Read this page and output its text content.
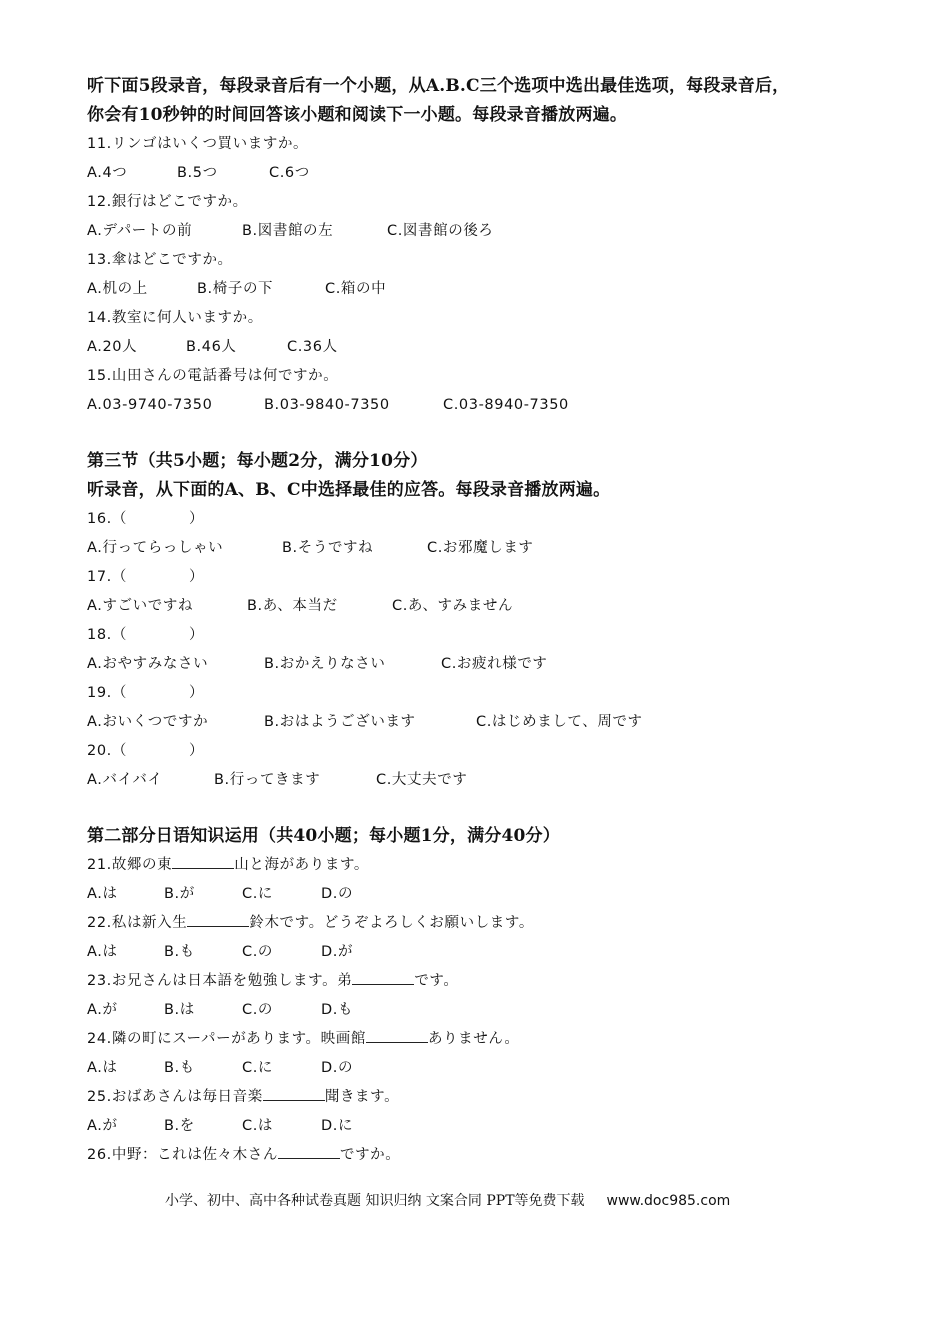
听下面5段录音，每段录音后有一个小题，从A.B.C三个选项中选出最佳选项，每段录音后，

你会有10秒钟的时间回答该小题和阅读下一小题。每段录音播放两遍。

11.リンゴはいくつ買いますか。
A.4つ	B.5つ	C.6つ
12.銀行はどこですか。
A.デパートの前	B.図書館の左	C.図書館の後ろ
13.傘はどこですか。
A.机の上	B.椅子の下	C.箱の中
14.教室に何人いますか。
A.20人	B.46人	C.36人
15.山田さんの電話番号は何ですか。
A.03-9740-7350	B.03-9840-7350	C.03-8940-7350

第三节（共5小题；每小题2分，满分10分）

听录音，从下面的A、B、C中选择最佳的应答。每段录音播放两遍。

16.（	）
A.行ってらっしゃい	B.そうですね	C.お邪魔します
17.（	）
A.すごいですね	B.あ、本当だ	C.あ、すみません
18.（	）
A.おやすみなさい	B.おかえりなさい	C.お疲れ様です
19.（	）
A.おいくつですか	B.おはようございます	C.はじめまして、周です
20.（	）
A.バイバイ	B.行ってきます	C.大丈夫です

第二部分日语知识运用（共40小题；每小题1分，满分40分）

21.故郷の東	山と海があります。
A.は	B.が	C.に	D.の
22.私は新入生	鈴木です。どうぞよろしくお願いします。
A.は	B.も	C.の	D.が
23.お兄さんは日本語を勉強します。弟	です。
A.が	B.は	C.の	D.も
24.隣の町にスーパーがあります。映画館	ありません。
A.は	B.も	C.に	D.の
25.おばあさんは毎日音楽	聞きます。
A.が	B.を	C.は	D.に
26.中野：これは佐々木さん	ですか。
小学、初中、高中各种试卷真题 知识归纳 文案合同 PPT等免费下载 www.doc985.com
